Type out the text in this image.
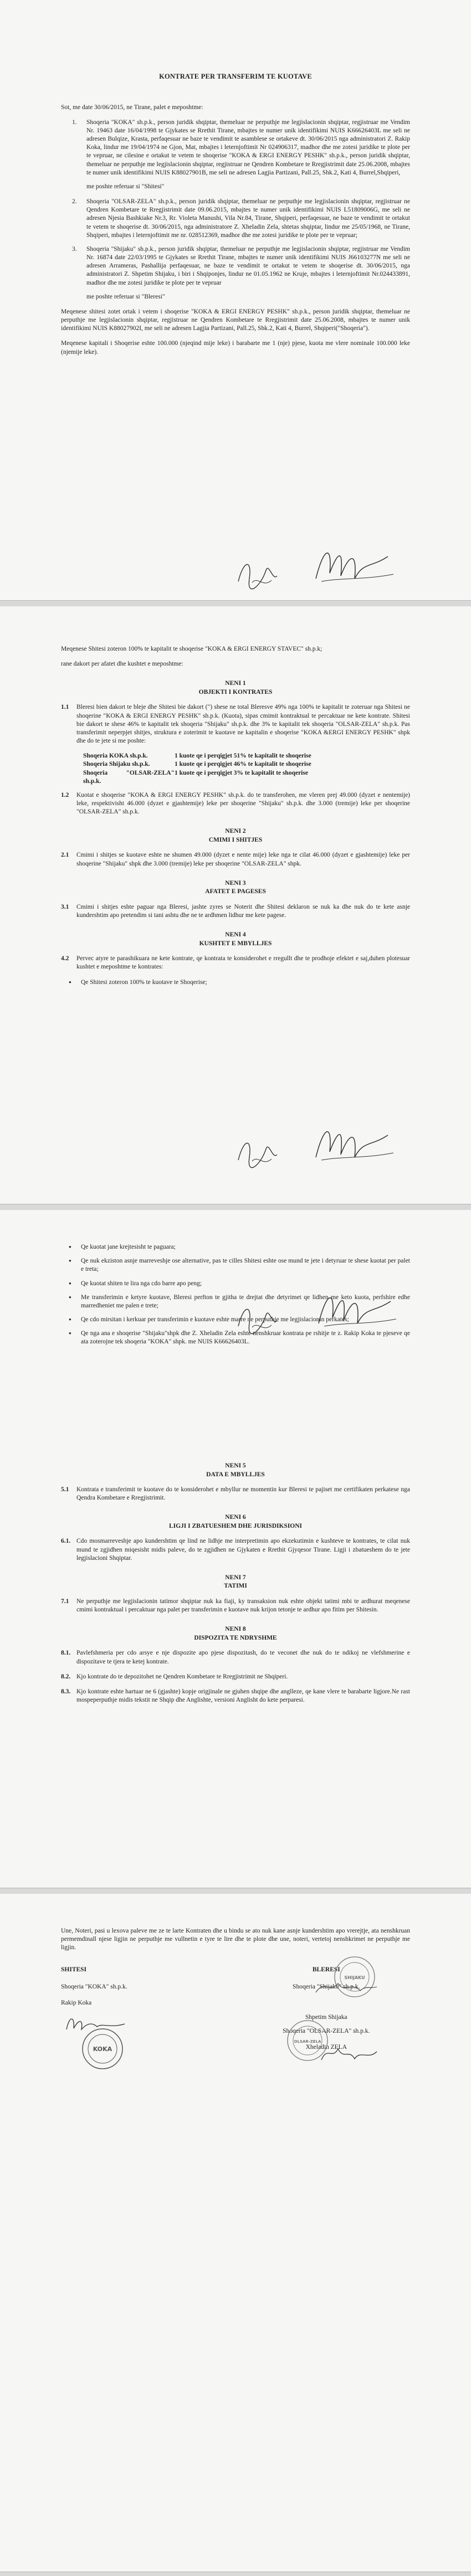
KONTRATE PER TRANSFERIM TE KUOTAVE

Sot, me date 30/06/2015, ne Tirane, palet e meposhtme:

1. Shoqeria "KOKA" sh.p.k., person juridik shqiptar, themeluar ne perputhje me legjislacionin shqiptar, regjistruar me Vendim Nr. 19463 date 16/04/1998 te Gjykates se Rrethit Tirane, mbajtes te numer unik identifikimi NUIS K66626403L me seli ne adresen Bulqize, Krasta, perfaqesuar ne baze te vendimit te asamblese se ortakeve dt. 30/06/2015 nga administratori Z. Rakip Koka, lindur me 19/04/1974 ne Gjon, Mat, mbajtes i leternjoftimit Nr 024906317, madhor dhe me zotesi juridike te plote per te vepruar, ne cilesine e ortakut te vetem te shoqerise "KOKA & ERGI ENERGY PESHK" sh.p.k., person juridik shqiptar, themeluar ne perputhje me legjislacionin shqiptar, regjistruar ne Qendren Kombetare te Rregjistrimit date 25.06.2008, mbajtes te numer unik identifikimi NUIS K88027901B, me seli ne adresen Lagjia Partizani, Pall.25, Shk.2, Kati 4, Burrel,Shqiperi,

me poshte referuar si "Shitesi"

2. Shoqeria "OLSAR-ZELA" sh.p.k., person juridik shqiptar, themeluar ne perputhje me legjislacionin shqiptar, regjistruar ne Qendren Kombetare te Rregjistrimit date 09.06.2015, mbajtes te numer unik identifikimi NUIS L51809006G, me seli ne adresen Njesia Bashkiake Nr.3, Rr. Violeta Manushi, Vila Nr.84, Tirane, Shqiperi, perfaqesuar, ne baze te vendimit te ortakut te vetem te shoqerise dt. 30/06/2015, nga administratore Z. Xheladin Zela, shtetas shqiptar, lindur me 25/05/1968, ne Tirane, Shqiperi, mbajtes i leternjoftimit me nr. 028512369, madhor dhe me zotesi juridike te plote per te vepruar;
3. Shoqeria "Shijaku" sh.p.k., person juridik shqiptar, themeluar ne perputhje me legjislacionin shqiptar, regjistruar me Vendim Nr. 16874 date 22/03/1995 te Gjykates se Rrethit Tirane, mbajtes te numer unik identifikimi NUIS J66103277N me seli ne adresen Arrameras, Pashallija perfaqesuar, ne baze te vendimit te ortakut te vetem te shoqerise dt. 30/06/2015, nga administratori Z. Shpetim Shijaku, i biri i Shqiponjes, lindur ne 01.05.1962 ne Kruje, mbajtes i leternjoftimit Nr.024433891, madhor dhe me zotesi juridike te plote per te vepruar

me poshte referuar si "Bleresi"

Meqenese shitesi zotet ortak i vetem i shoqerise "KOKA & ERGI ENERGY PESHK" sh.p.k., person juridik shqiptar, themeluar ne perputhje me legjislacionin shqiptar, regjistruar ne Qendren Kombetare te Rregjistrimit date 25.06.2008, mbajtes te numer unik identifikimi NUIS K88027902I, me seli ne adresen Lagjia Partizani, Pall.25, Shk.2, Kati 4, Burrel, Shqiperi("Shoqeria").

Meqenese kapitali i Shoqerise eshte 100.000 (njeqind mije leke) i barabarte me 1 (nje) pjese, kuota me vlere nominale 100.000 leke (njemije leke).

Meqenese Shitesi zoteron 100% te kapitalit te shoqerise "KOKA & ERGI ENERGY STAVEC" sh.p.k;

rane dakort per afatet dhe kushtet e meposhtme:

NENI 1
OBJEKTI I KONTRATES
1.1 Bleresi bien dakort te bleje dhe Shitesi bie dakort (") shese ne total Bleresve 49% nga 100% te kapitalit te zoteruar nga Shitesi ne shoqerine "KOKA & ERGI ENERGY PESHK" sh.p.k. (Kuota), sipas cmimit kontraktual te percaktuar ne kete kontrate. Shitesi bie dakort te shese 46% te kapitalit tek shoqeria "Shijaku" sh.p.k. dhe 3% te kapitalit tek shoqeria "OLSAR-ZELA" sh.p.k. Pas transferimit neperpjet shitjes, struktura e zoterimit te kuotave ne kapitalin e shoqerise "KOKA &ERGI ENERGY PESHK" shpk dhe do te jete si me poshte:
Shoqeria KOKA sh.p.k.	1 kuote qe i perqigjet 51% te kapitalit te shoqerise
Shoqeria Shijaku sh.p.k.	1 kuote qe i perqigjet 46% te kapitalit te shoqerise
Shoqeria "OLSAR-ZELA" sh.p.k.
1 kuote qe i perqigjet 3% te kapitalit te shoqerise
1.2 Kuotat e shoqerise "KOKA & ERGI ENERGY PESHK" sh.p.k. do te transferohen, me vleren prej 49.000 (dyzet e nentemije) leke, respektivisht 46.000 (dyzet e gjashtemije) leke per shoqerine "Shijaku" sh.p.k. dhe 3.000 (tremije) leke per shoqerine "OLSAR-ZELA" sh.p.k.
NENI 2
CMIMI I SHITJES
2.1 Cmimi i shitjes se kuotave eshte ne shumen 49.000 (dyzet e nente mije) leke nga te cilat 46.000 (dyzet e gjashtemije) leke per shoqerine "Shijaku" shpk dhe 3.000 (tremije) leke per shoqerine "OLSAR-ZELA" shpk.
NENI 3
AFATET E PAGESES
3.1 Cmimi i shitjes eshte paguar nga Bleresi, jashte zyres se Noterit dhe Shitesi deklaron se nuk ka dhe nuk do te kete asnje kundershtim apo pretendim si tani ashtu dhe ne te ardhmen lidhur me kete pagese.
NENI 4
KUSHTET E MBYLLJES
4.2 Pervec atyre te parashikuara ne kete kontrate, qe kontrata te konsiderohet e rregullt dhe te prodhoje efektet e saj,duhen plotesuar kushtet e meposhtme te kontrates:
● Qe Shitesi zoteron 100% te kuotave te Shoqerise;
● Qe kuotat jane krejtesisht te paguara;
● Qe nuk ekziston asnje marreveshje ose alternative, pas te cilles Shitesi eshte ose mund te jete i detyruar te shese kuotat per palet e treta;
● Qe kuotat shiten te lira nga cdo barre apo peng;
● Me transferimin e ketyre kuotave, Bleresi perfton te gjitha te drejtat dhe detyrimet qe lidhen me keto kuota, perfshire edhe marredheniet me palen e trete;
● Qe cdo mirsitan i kerkuar per transferimin e kuotave eshte marre ne perputhje me legjislacionin perkates;
● Qe nga ana e shoqerise "Shijaku"shpk dhe Z. Xheladin Zela eshte nenshkruar kontrata pe rshitje te z. Rakip Koka te pjeseve qe ata zoterojne tek shoqeria "KOKA" shpk. me NUIS K66626403L.
NENI 5
DATA E MBYLLJES
5.1 Kontrata e transferimit te kuotave do te konsiderohet e mbyllur ne momentin kur Bleresi te pajiset me certifikaten perkatese nga Qendra Kombetare e Rregjistrimit.
NENI 6
LIGJI I ZBATUESHEM DHE JURISDIKSIONI
6.1. Cdo mosmarreveshje apo kundershtim qe lind ne lidhje me interpretimin apo ekzekutimin e kushteve te kontrates, te cilat nuk mund te zgjidhen miqesisht midis paleve, do te zgjidhen ne Gjykaten e Rrethit Gjyqesor Tirane. Ligji i zbatueshem do te jete legjislacioni Shqiptar.
NENI 7
TATIMI
7.1 Ne perputhje me legjislacionin tatimor shqiptar nuk ka fiaji, ky transaksion nuk eshte objekt tatimi mbi te ardhurat meqenese cmimi kontraktual i percaktuar nga palet per transferimin e kuotave nuk krijon tetonje te ardhur apo fitim per Shitesin.
NENI 8
DISPOZITA TE NDRYSHME
8.1. Pavlefshmeria per cdo arsye e nje dispozite apo pjese dispozitash, do te veconet dhe nuk do te ndikoj ne vlefshmerine e dispozitave te tjera te ketej kontrate.
8.2. Kjo kontrate do te depozitohet ne Qendren Kombetare te Rregjistrimit ne Shqiperi.
8.3. Kjo kontrate eshte hartuar ne 6 (gjashte) kopje origjinale ne gjuhen shqipe dhe anglleze, qe kane vlere te barabarte ligjore.Ne rast mospeperputhje midis tekstit ne Shqip dhe Anglishte, versioni Anglisht do kete perparesi.

Une, Noteri, pasi u lexova paleve me ze te larte Kontraten dhe u bindu se ato nuk kane asnje kundershtim apo vrerejtje, ata nenshkruan permemdinall njese ligjin ne perputhje me vullnetin e tyre te lire dhe te plote dhe une, noteri, vertetoj nenshkrimet ne perputhje me ligjin.

SHITESI
Shoqeria "KOKA" sh.p.k.
Rakip Koka
BLERESI
Shoqeria "Shijaku" sh.p.k.
Shpetim Shijaka
Shoqeria "OLSAR-ZELA" sh.p.k.
Xheladin ZELA
KOKA
SHIJAKU
OLSAR-ZELA
